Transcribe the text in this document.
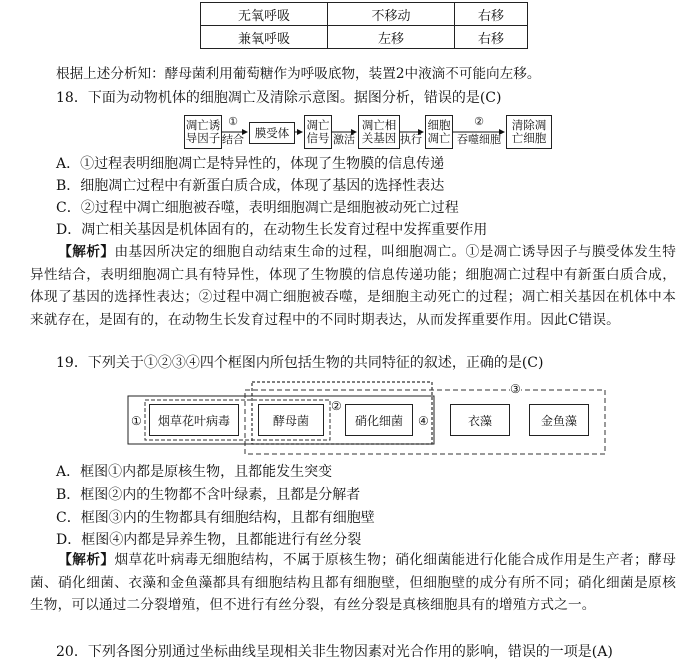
无氧呼吸	不移动	右移
兼氧呼吸	左移	右移
根据上述分析知：酵母菌利用葡萄糖作为呼吸底物，装置2中液滴不可能向左移。
18．下面为动物机体的细胞凋亡及清除示意图。据图分析，错误的是(C)
凋亡诱导因子
①
结合 膜受体
凋亡信号 激活
凋亡相关基因 执行
细胞凋亡
②
吞噬细胞
清除凋亡细胞
A．①过程表明细胞凋亡是特异性的，体现了生物膜的信息传递
B．细胞凋亡过程中有新蛋白质合成，体现了基因的选择性表达
C．②过程中凋亡细胞被吞噬，表明细胞凋亡是细胞被动死亡过程
D．凋亡相关基因是机体固有的，在动物生长发育过程中发挥重要作用
【解析】由基因所决定的细胞自动结束生命的过程，叫细胞凋亡。①是凋亡诱导因子与膜受体发生特异性结合，表明细胞凋亡具有特异性，体现了生物膜的信息传递功能；细胞凋亡过程中有新蛋白质合成，体现了基因的选择性表达；②过程中凋亡细胞被吞噬，是细胞主动死亡的过程；凋亡相关基因在机体中本来就存在，是固有的，在动物生长发育过程中的不同时期表达，从而发挥重要作用。因此C错误。
19．下列关于①②③④四个框图内所包括生物的共同特征的叙述，正确的是(C)
①
②
③
④
烟草花叶病毒	酵母菌	硝化细菌	衣藻	金鱼藻
A．框图①内都是原核生物，且都能发生突变
B．框图②内的生物都不含叶绿素，且都是分解者
C．框图③内的生物都具有细胞结构，且都有细胞壁
D．框图④内都是异养生物，且都能进行有丝分裂
【解析】烟草花叶病毒无细胞结构，不属于原核生物；硝化细菌能进行化能合成作用是生产者；酵母菌、硝化细菌、衣藻和金鱼藻都具有细胞结构且都有细胞壁，但细胞壁的成分有所不同；硝化细菌是原核生物，可以通过二分裂增殖，但不进行有丝分裂，有丝分裂是真核细胞具有的增殖方式之一。
20．下列各图分别通过坐标曲线呈现相关非生物因素对光合作用的影响，错误的一项是(A)
